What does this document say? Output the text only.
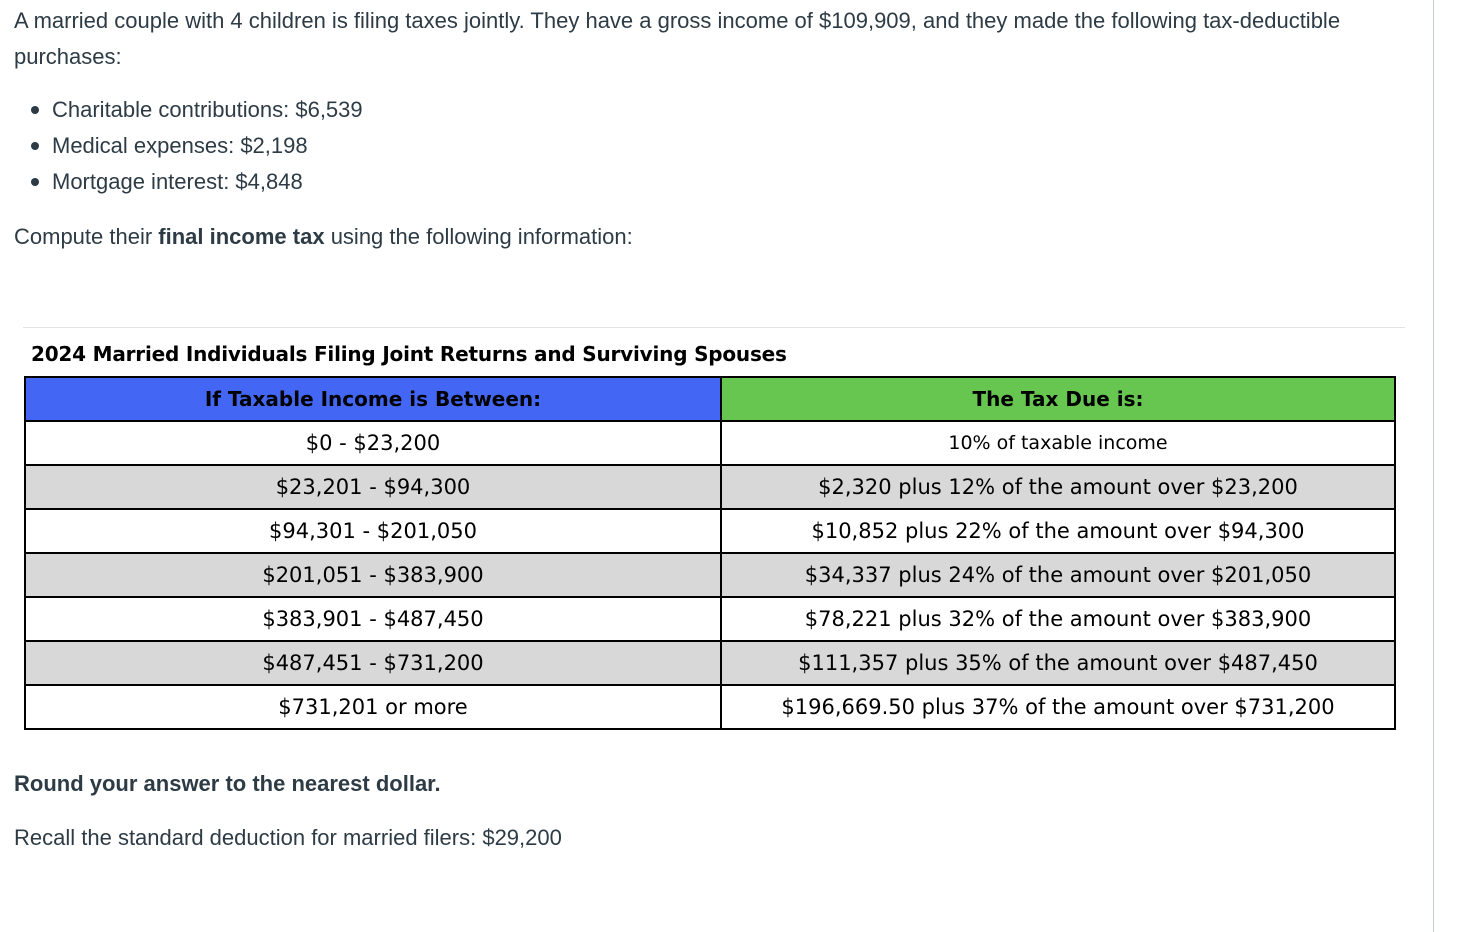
A married couple with 4 children is filing taxes jointly. They have a gross income of $109,909, and they made the following tax-deductible purchases:

Charitable contributions: $6,539
Medical expenses: $2,198
Mortgage interest: $4,848

Compute their final income tax using the following information:

2024 Married Individuals Filing Joint Returns and Surviving Spouses
If Taxable Income is Between:	The Tax Due is:
$0 - $23,200	10% of taxable income
$23,201 - $94,300	$2,320 plus 12% of the amount over $23,200
$94,301 - $201,050	$10,852 plus 22% of the amount over $94,300
$201,051 - $383,900	$34,337 plus 24% of the amount over $201,050
$383,901 - $487,450	$78,221 plus 32% of the amount over $383,900
$487,451 - $731,200	$111,357 plus 35% of the amount over $487,450
$731,201 or more	$196,669.50 plus 37% of the amount over $731,200

Round your answer to the nearest dollar.

Recall the standard deduction for married filers: $29,200
